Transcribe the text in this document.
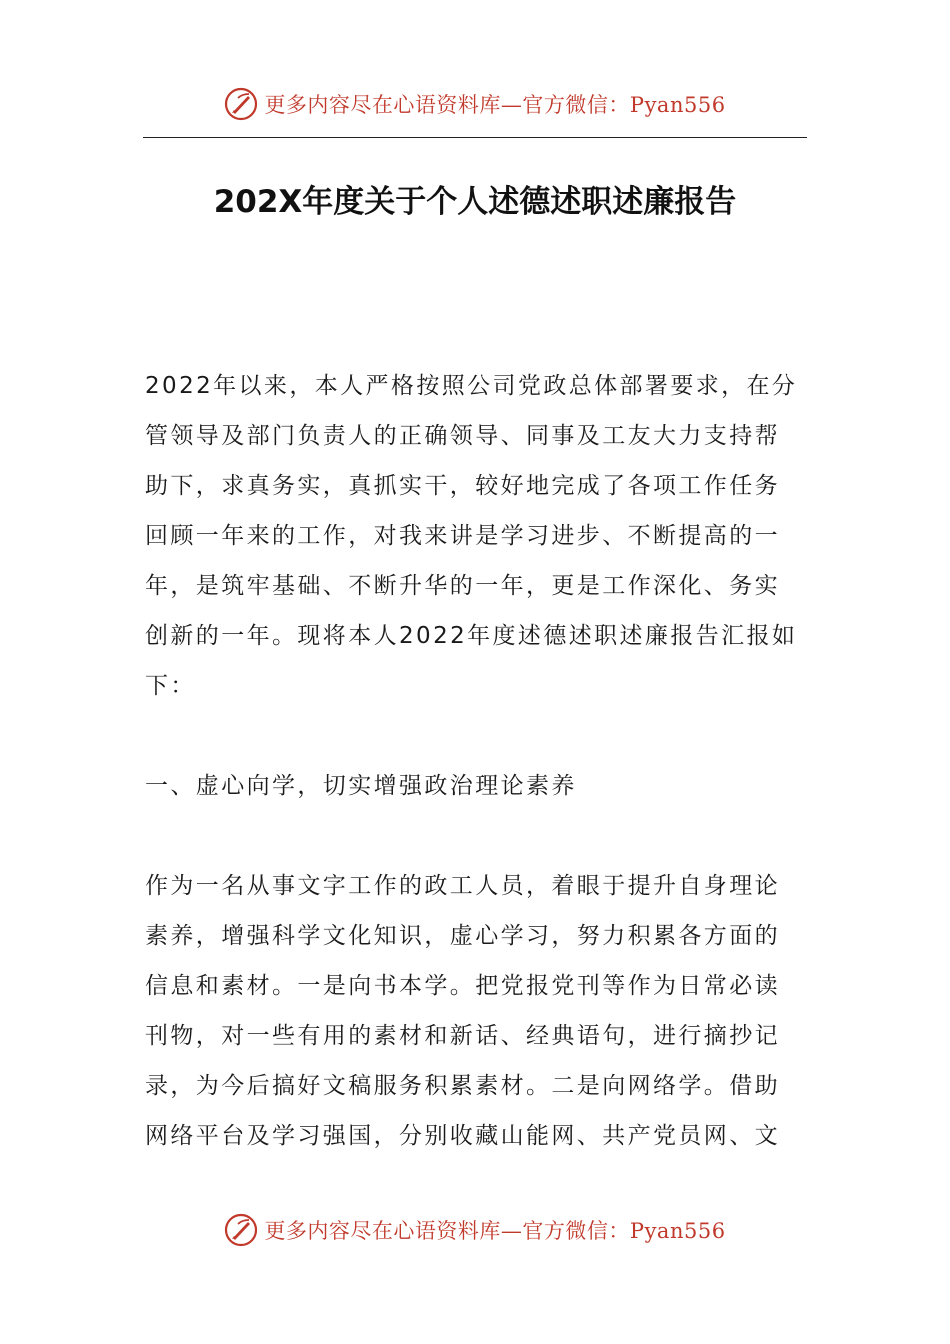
更多内容尽在心语资料库—官方微信：Pyan556
202X年度关于个人述德述职述廉报告

2022年以来，本人严格按照公司党政总体部署要求，在分
管领导及部门负责人的正确领导、同事及工友大力支持帮
助下，求真务实，真抓实干，较好地完成了各项工作任务
回顾一年来的工作，对我来讲是学习进步、不断提高的一
年，是筑牢基础、不断升华的一年，更是工作深化、务实
创新的一年。现将本人2022年度述德述职述廉报告汇报如
下：

一、虚心向学，切实增强政治理论素养

作为一名从事文字工作的政工人员，着眼于提升自身理论
素养，增强科学文化知识，虚心学习，努力积累各方面的
信息和素材。一是向书本学。把党报党刊等作为日常必读
刊物，对一些有用的素材和新话、经典语句，进行摘抄记
录，为今后搞好文稿服务积累素材。二是向网络学。借助
网络平台及学习强国，分别收藏山能网、共产党员网、文

更多内容尽在心语资料库—官方微信：Pyan556
